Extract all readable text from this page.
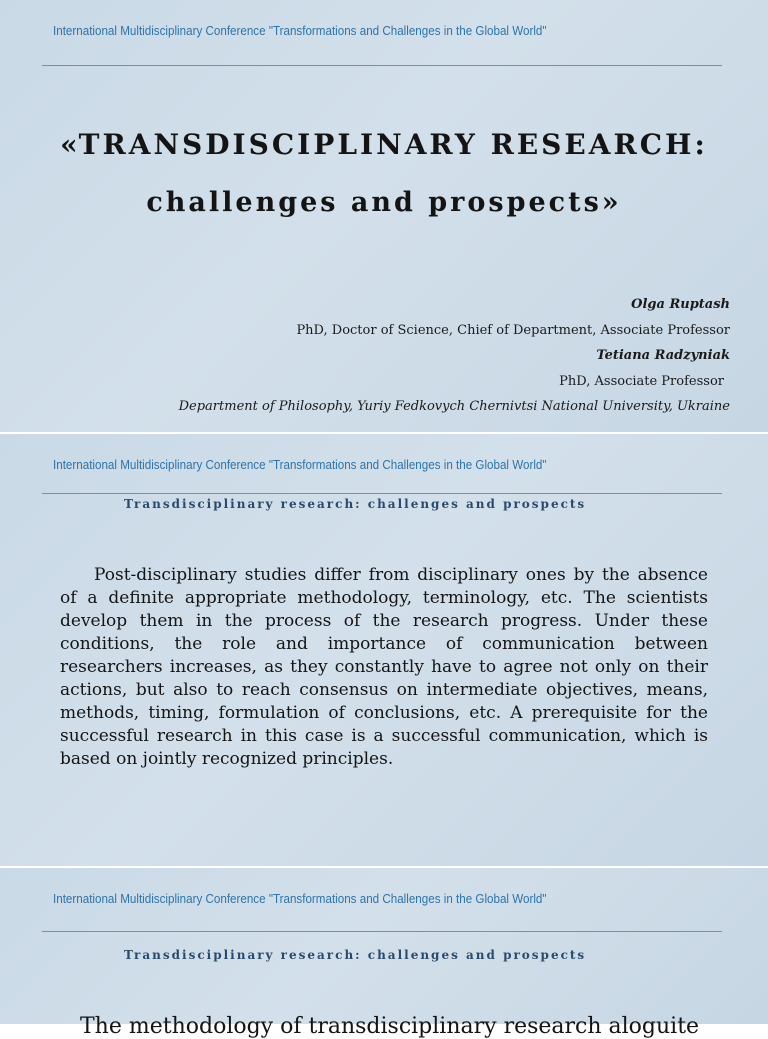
International Multidisciplinary Conference "Transformations and Challenges in the Global World"
«TRANSDISCIPLINARY RESEARCH:
challenges and prospects»
Olga Ruptash
PhD, Doctor of Science, Chief of Department, Associate Professor
Tetiana Radzyniak
PhD, Associate Professor
Department of Philosophy, Yuriy Fedkovych Chernivtsi National University, Ukraine
International Multidisciplinary Conference "Transformations and Challenges in the Global World"
Transdisciplinary research: challenges and prospects
Post-disciplinary studies differ from disciplinary ones by the absence of a definite appropriate methodology, terminology, etc. The scientists develop them in the process of the research progress. Under these conditions, the role and importance of communication between researchers increases, as they constantly have to agree not only on their actions, but also to reach consensus on intermediate objectives, means, methods, timing, formulation of conclusions, etc. A prerequisite for the successful research in this case is a successful communication, which is based on jointly recognized principles.
International Multidisciplinary Conference "Transformations and Challenges in the Global World"
Transdisciplinary research: challenges and prospects
The methodology of transdisciplinary research aloguite
